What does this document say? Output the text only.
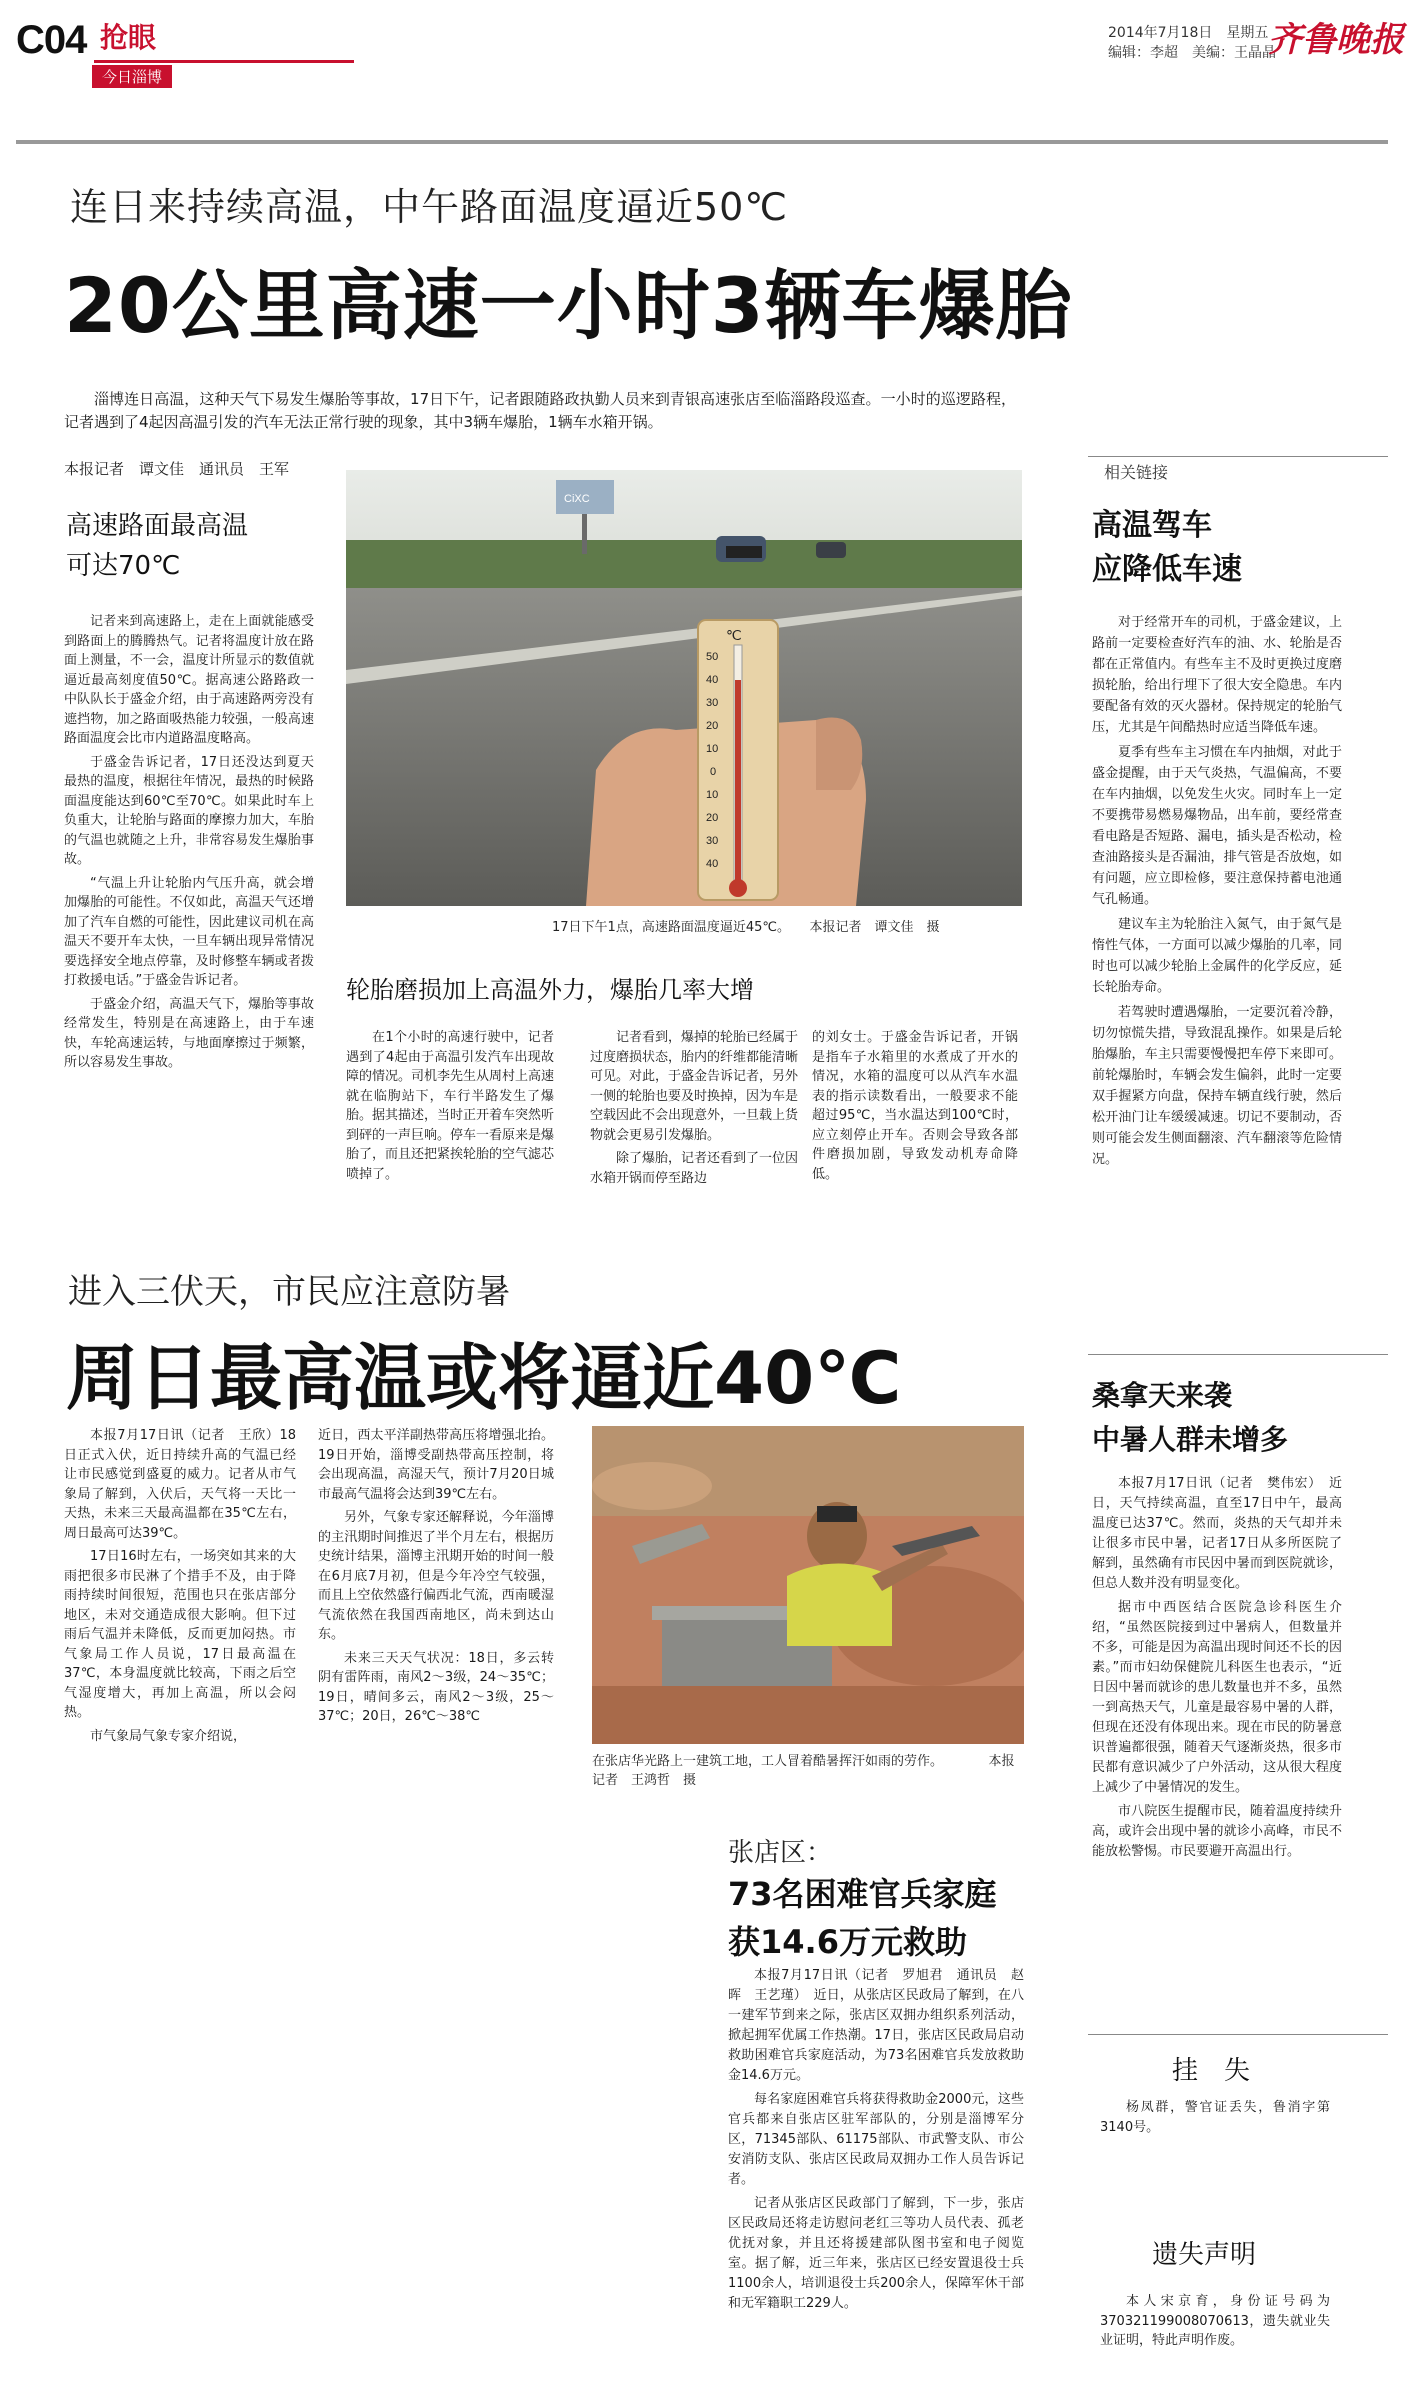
C04 抢眼
今日淄博
2014年7月18日　星期五
编辑：李超　美编：王晶晶
齐鲁晚报
连日来持续高温，中午路面温度逼近50℃
20公里高速一小时3辆车爆胎

淄博连日高温，这种天气下易发生爆胎等事故，17日下午，记者跟随路政执勤人员来到青银高速张店至临淄路段巡查。一小时的巡逻路程，记者遇到了4起因高温引发的汽车无法正常行驶的现象，其中3辆车爆胎，1辆车水箱开锅。

本报记者　谭文佳　通讯员　王军
高速路面最高温
可达70℃

记者来到高速路上，走在上面就能感受到路面上的腾腾热气。记者将温度计放在路面上测量，不一会，温度计所显示的数值就逼近最高刻度值50℃。据高速公路路政一中队队长于盛金介绍，由于高速路两旁没有遮挡物，加之路面吸热能力较强，一般高速路面温度会比市内道路温度略高。

于盛金告诉记者，17日还没达到夏天最热的温度，根据往年情况，最热的时候路面温度能达到60℃至70℃。如果此时车上负重大，让轮胎与路面的摩擦力加大，车胎的气温也就随之上升，非常容易发生爆胎事故。

“气温上升让轮胎内气压升高，就会增加爆胎的可能性。不仅如此，高温天气还增加了汽车自燃的可能性，因此建议司机在高温天不要开车太快，一旦车辆出现异常情况要选择安全地点停靠，及时修整车辆或者拨打救援电话。”于盛金告诉记者。

于盛金介绍，高温天气下，爆胎等事故经常发生，特别是在高速路上，由于车速快，车轮高速运转，与地面摩擦过于频繁，所以容易发生事故。

CiXC
℃
50
40
30
20
10
0
10
20
30
40
17日下午1点，高速路面温度逼近45℃。　　本报记者　谭文佳　摄
轮胎磨损加上高温外力，爆胎几率大增

在1个小时的高速行驶中，记者遇到了4起由于高温引发汽车出现故障的情况。司机李先生从周村上高速就在临朐站下，车行半路发生了爆胎。据其描述，当时正开着车突然听到砰的一声巨响。停车一看原来是爆胎了，而且还把紧挨轮胎的空气滤芯喷掉了。

记者看到，爆掉的轮胎已经属于过度磨损状态，胎内的纤维都能清晰可见。对此，于盛金告诉记者，另外一侧的轮胎也要及时换掉，因为车是空载因此不会出现意外，一旦载上货物就会更易引发爆胎。

除了爆胎，记者还看到了一位因水箱开锅而停至路边

的刘女士。于盛金告诉记者，开锅是指车子水箱里的水煮成了开水的情况，水箱的温度可以从汽车水温表的指示读数看出，一般要求不能超过95℃，当水温达到100℃时，应立刻停止开车。否则会导致各部件磨损加剧，导致发动机寿命降低。

相关链接
高温驾车
应降低车速

对于经常开车的司机，于盛金建议，上路前一定要检查好汽车的油、水、轮胎是否都在正常值内。有些车主不及时更换过度磨损轮胎，给出行埋下了很大安全隐患。车内要配备有效的灭火器材。保持规定的轮胎气压，尤其是午间酷热时应适当降低车速。

夏季有些车主习惯在车内抽烟，对此于盛金提醒，由于天气炎热，气温偏高，不要在车内抽烟，以免发生火灾。同时车上一定不要携带易燃易爆物品，出车前，要经常查看电路是否短路、漏电，插头是否松动，检查油路接头是否漏油，排气管是否放炮，如有问题，应立即检修，要注意保持蓄电池通气孔畅通。

建议车主为轮胎注入氮气，由于氮气是惰性气体，一方面可以减少爆胎的几率，同时也可以减少轮胎上金属件的化学反应，延长轮胎寿命。

若驾驶时遭遇爆胎，一定要沉着冷静，切勿惊慌失措，导致混乱操作。如果是后轮胎爆胎，车主只需要慢慢把车停下来即可。前轮爆胎时，车辆会发生偏斜，此时一定要双手握紧方向盘，保持车辆直线行驶，然后松开油门让车缓缓减速。切记不要制动，否则可能会发生侧面翻滚、汽车翻滚等危险情况。

进入三伏天，市民应注意防暑
周日最高温或将逼近40℃

本报7月17日讯（记者　王欣）18日正式入伏，近日持续升高的气温已经让市民感觉到盛夏的威力。记者从市气象局了解到，入伏后，天气将一天比一天热，未来三天最高温都在35℃左右，周日最高可达39℃。

17日16时左右，一场突如其来的大雨把很多市民淋了个措手不及，由于降雨持续时间很短，范围也只在张店部分地区，未对交通造成很大影响。但下过雨后气温并未降低，反而更加闷热。市气象局工作人员说，17日最高温在37℃，本身温度就比较高，下雨之后空气湿度增大，再加上高温，所以会闷热。

市气象局气象专家介绍说，

近日，西太平洋副热带高压将增强北抬。19日开始，淄博受副热带高压控制，将会出现高温，高湿天气，预计7月20日城市最高气温将会达到39℃左右。

另外，气象专家还解释说，今年淄博的主汛期时间推迟了半个月左右，根据历史统计结果，淄博主汛期开始的时间一般在6月底7月初，但是今年冷空气较强，而且上空依然盛行偏西北气流，西南暖湿气流依然在我国西南地区，尚未到达山东。

未来三天天气状况：18日，多云转阴有雷阵雨，南风2～3级，24～35℃；19日，晴间多云，南风2～3级，25～37℃；20日，26℃～38℃

在张店华光路上一建筑工地，工人冒着酷暑挥汗如雨的劳作。　　　　本报记者　王鸿哲　摄
桑拿天来袭
中暑人群未增多

本报7月17日讯（记者　樊伟宏）　近日，天气持续高温，直至17日中午，最高温度已达37℃。然而，炎热的天气却并未让很多市民中暑，记者17日从多所医院了解到，虽然确有市民因中暑而到医院就诊，但总人数并没有明显变化。

据市中西医结合医院急诊科医生介绍，“虽然医院接到过中暑病人，但数量并不多，可能是因为高温出现时间还不长的因素。”而市妇幼保健院儿科医生也表示，“近日因中暑而就诊的患儿数量也并不多，虽然一到高热天气，儿童是最容易中暑的人群，但现在还没有体现出来。现在市民的防暑意识普遍都很强，随着天气逐渐炎热，很多市民都有意识减少了户外活动，这从很大程度上减少了中暑情况的发生。

市八院医生提醒市民，随着温度持续升高，或许会出现中暑的就诊小高峰，市民不能放松警惕。市民要避开高温出行。

张店区：
73名困难官兵家庭
获14.6万元救助

本报7月17日讯（记者　罗旭君　通讯员　赵晖　王艺瑾）　近日，从张店区民政局了解到，在八一建军节到来之际，张店区双拥办组织系列活动，掀起拥军优属工作热潮。17日，张店区民政局启动救助困难官兵家庭活动，为73名困难官兵发放救助金14.6万元。

每名家庭困难官兵将获得救助金2000元，这些官兵都来自张店区驻军部队的，分别是淄博军分区，71345部队、61175部队、市武警支队、市公安消防支队、张店区民政局双拥办工作人员告诉记者。

记者从张店区民政部门了解到，下一步，张店区民政局还将走访慰问老红三等功人员代表、孤老优抚对象，并且还将援建部队图书室和电子阅览室。据了解，近三年来，张店区已经安置退役士兵1100余人，培训退役士兵200余人，保障军休干部和无军籍职工229人。

挂　失

杨凤群，警官证丢失，鲁消字第3140号。

遗失声明

本人宋京育，身份证号码为370321199008070613，遗失就业失业证明，特此声明作废。
